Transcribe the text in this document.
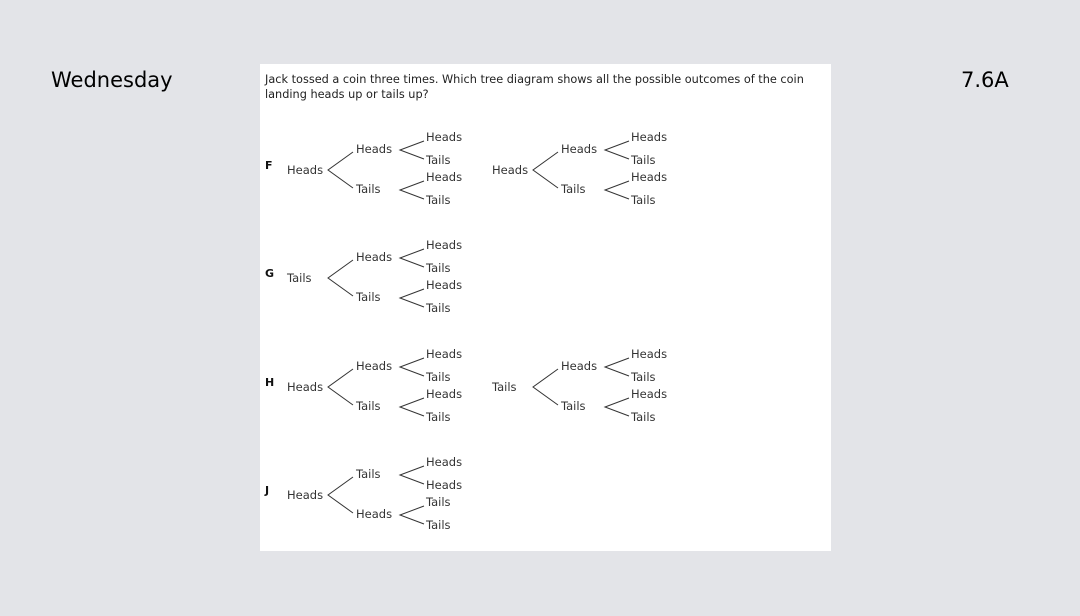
Wednesday	7.6A
Jack tossed a coin three times. Which tree diagram shows all the possible outcomes of the coin landing heads up or tails up?
F Heads
Heads
Heads
Tails
Tails
Heads
Tails
Heads
Heads
Heads
Tails
Tails
Heads
Tails
G Tails
Heads
Heads
Tails
Tails
Heads
Tails
H Heads
Heads
Heads
Tails
Tails
Heads
Tails
Tails
Heads
Heads
Tails
Tails
Heads
Tails
J Heads
Tails
Heads
Heads
Heads
Tails
Tails
